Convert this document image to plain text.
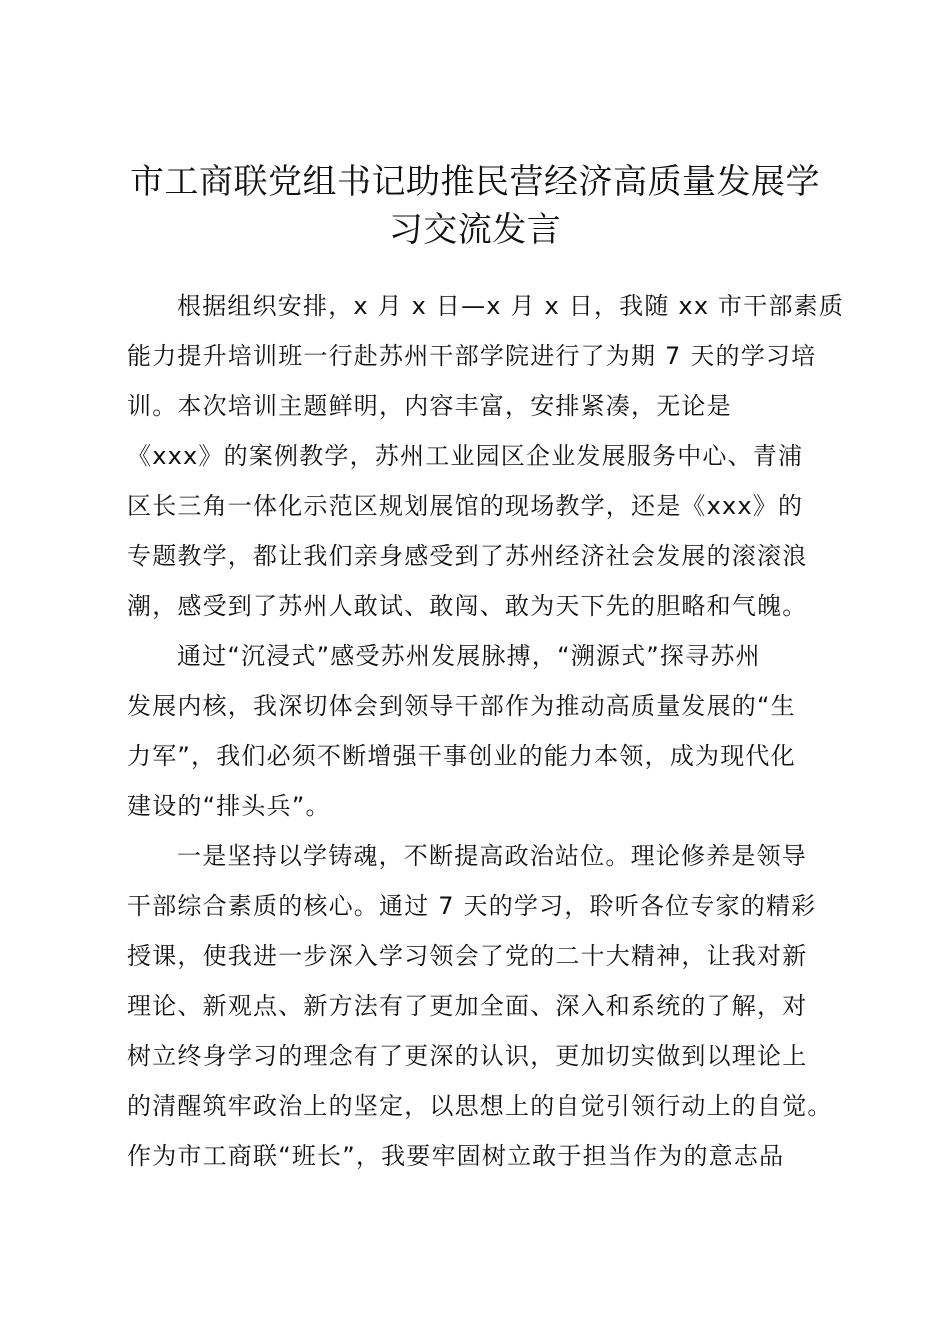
市工商联党组书记助推民营经济高质量发展学
习交流发言

根据组织安排，x 月 x 日—x 月 x 日，我随 xx 市干部素质

能力提升培训班一行赴苏州干部学院进行了为期 7 天的学习培

训。本次培训主题鲜明，内容丰富，安排紧凑，无论是

《xxx》的案例教学，苏州工业园区企业发展服务中心、青浦

区长三角一体化示范区规划展馆的现场教学，还是《xxx》的

专题教学，都让我们亲身感受到了苏州经济社会发展的滚滚浪

潮，感受到了苏州人敢试、敢闯、敢为天下先的胆略和气魄。

通过“沉浸式”感受苏州发展脉搏，“溯源式”探寻苏州

发展内核，我深切体会到领导干部作为推动高质量发展的“生

力军”，我们必须不断增强干事创业的能力本领，成为现代化

建设的“排头兵”。

一是坚持以学铸魂，不断提高政治站位。理论修养是领导

干部综合素质的核心。通过 7 天的学习，聆听各位专家的精彩

授课，使我进一步深入学习领会了党的二十大精神，让我对新

理论、新观点、新方法有了更加全面、深入和系统的了解，对

树立终身学习的理念有了更深的认识，更加切实做到以理论上

的清醒筑牢政治上的坚定，以思想上的自觉引领行动上的自觉。

作为市工商联“班长”，我要牢固树立敢于担当作为的意志品
